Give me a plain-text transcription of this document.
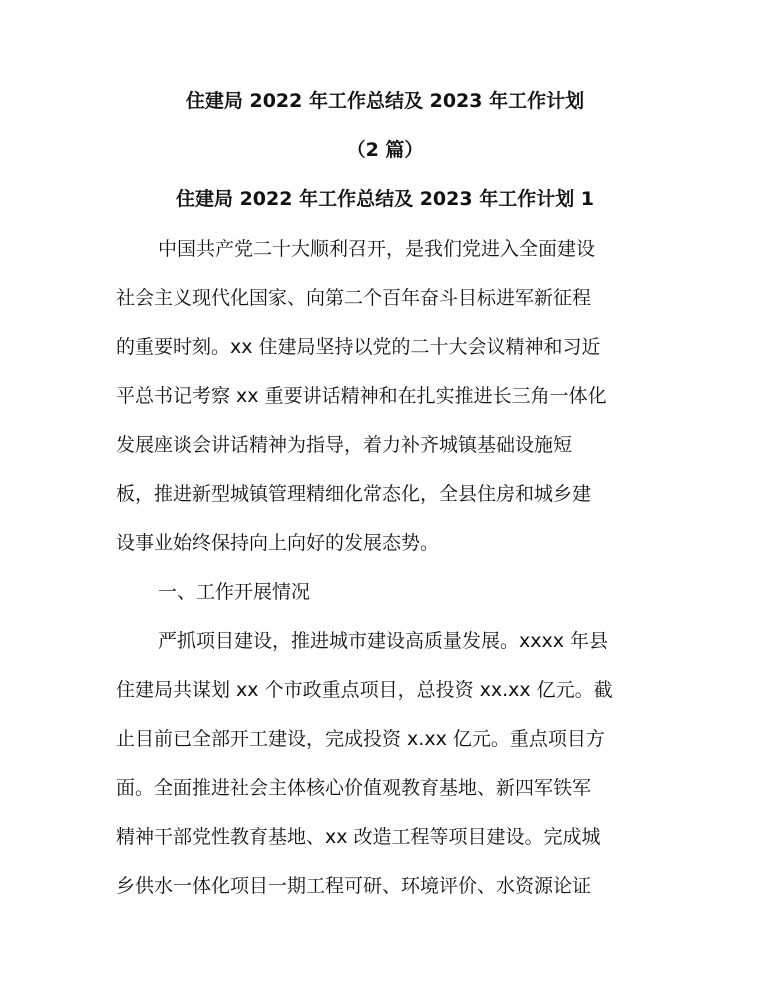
住建局 2022 年工作总结及 2023 年工作计划
（2 篇）
住建局 2022 年工作总结及 2023 年工作计划 1
中国共产党二十大顺利召开，是我们党进入全面建设
社会主义现代化国家、向第二个百年奋斗目标进军新征程
的重要时刻。xx 住建局坚持以党的二十大会议精神和习近
平总书记考察 xx 重要讲话精神和在扎实推进长三角一体化
发展座谈会讲话精神为指导，着力补齐城镇基础设施短
板，推进新型城镇管理精细化常态化，全县住房和城乡建
设事业始终保持向上向好的发展态势。
一、工作开展情况
严抓项目建设，推进城市建设高质量发展。xxxx 年县
住建局共谋划 xx 个市政重点项目，总投资 xx.xx 亿元。截
止目前已全部开工建设，完成投资 x.xx 亿元。重点项目方
面。全面推进社会主体核心价值观教育基地、新四军铁军
精神干部党性教育基地、xx 改造工程等项目建设。完成城
乡供水一体化项目一期工程可研、环境评价、水资源论证
